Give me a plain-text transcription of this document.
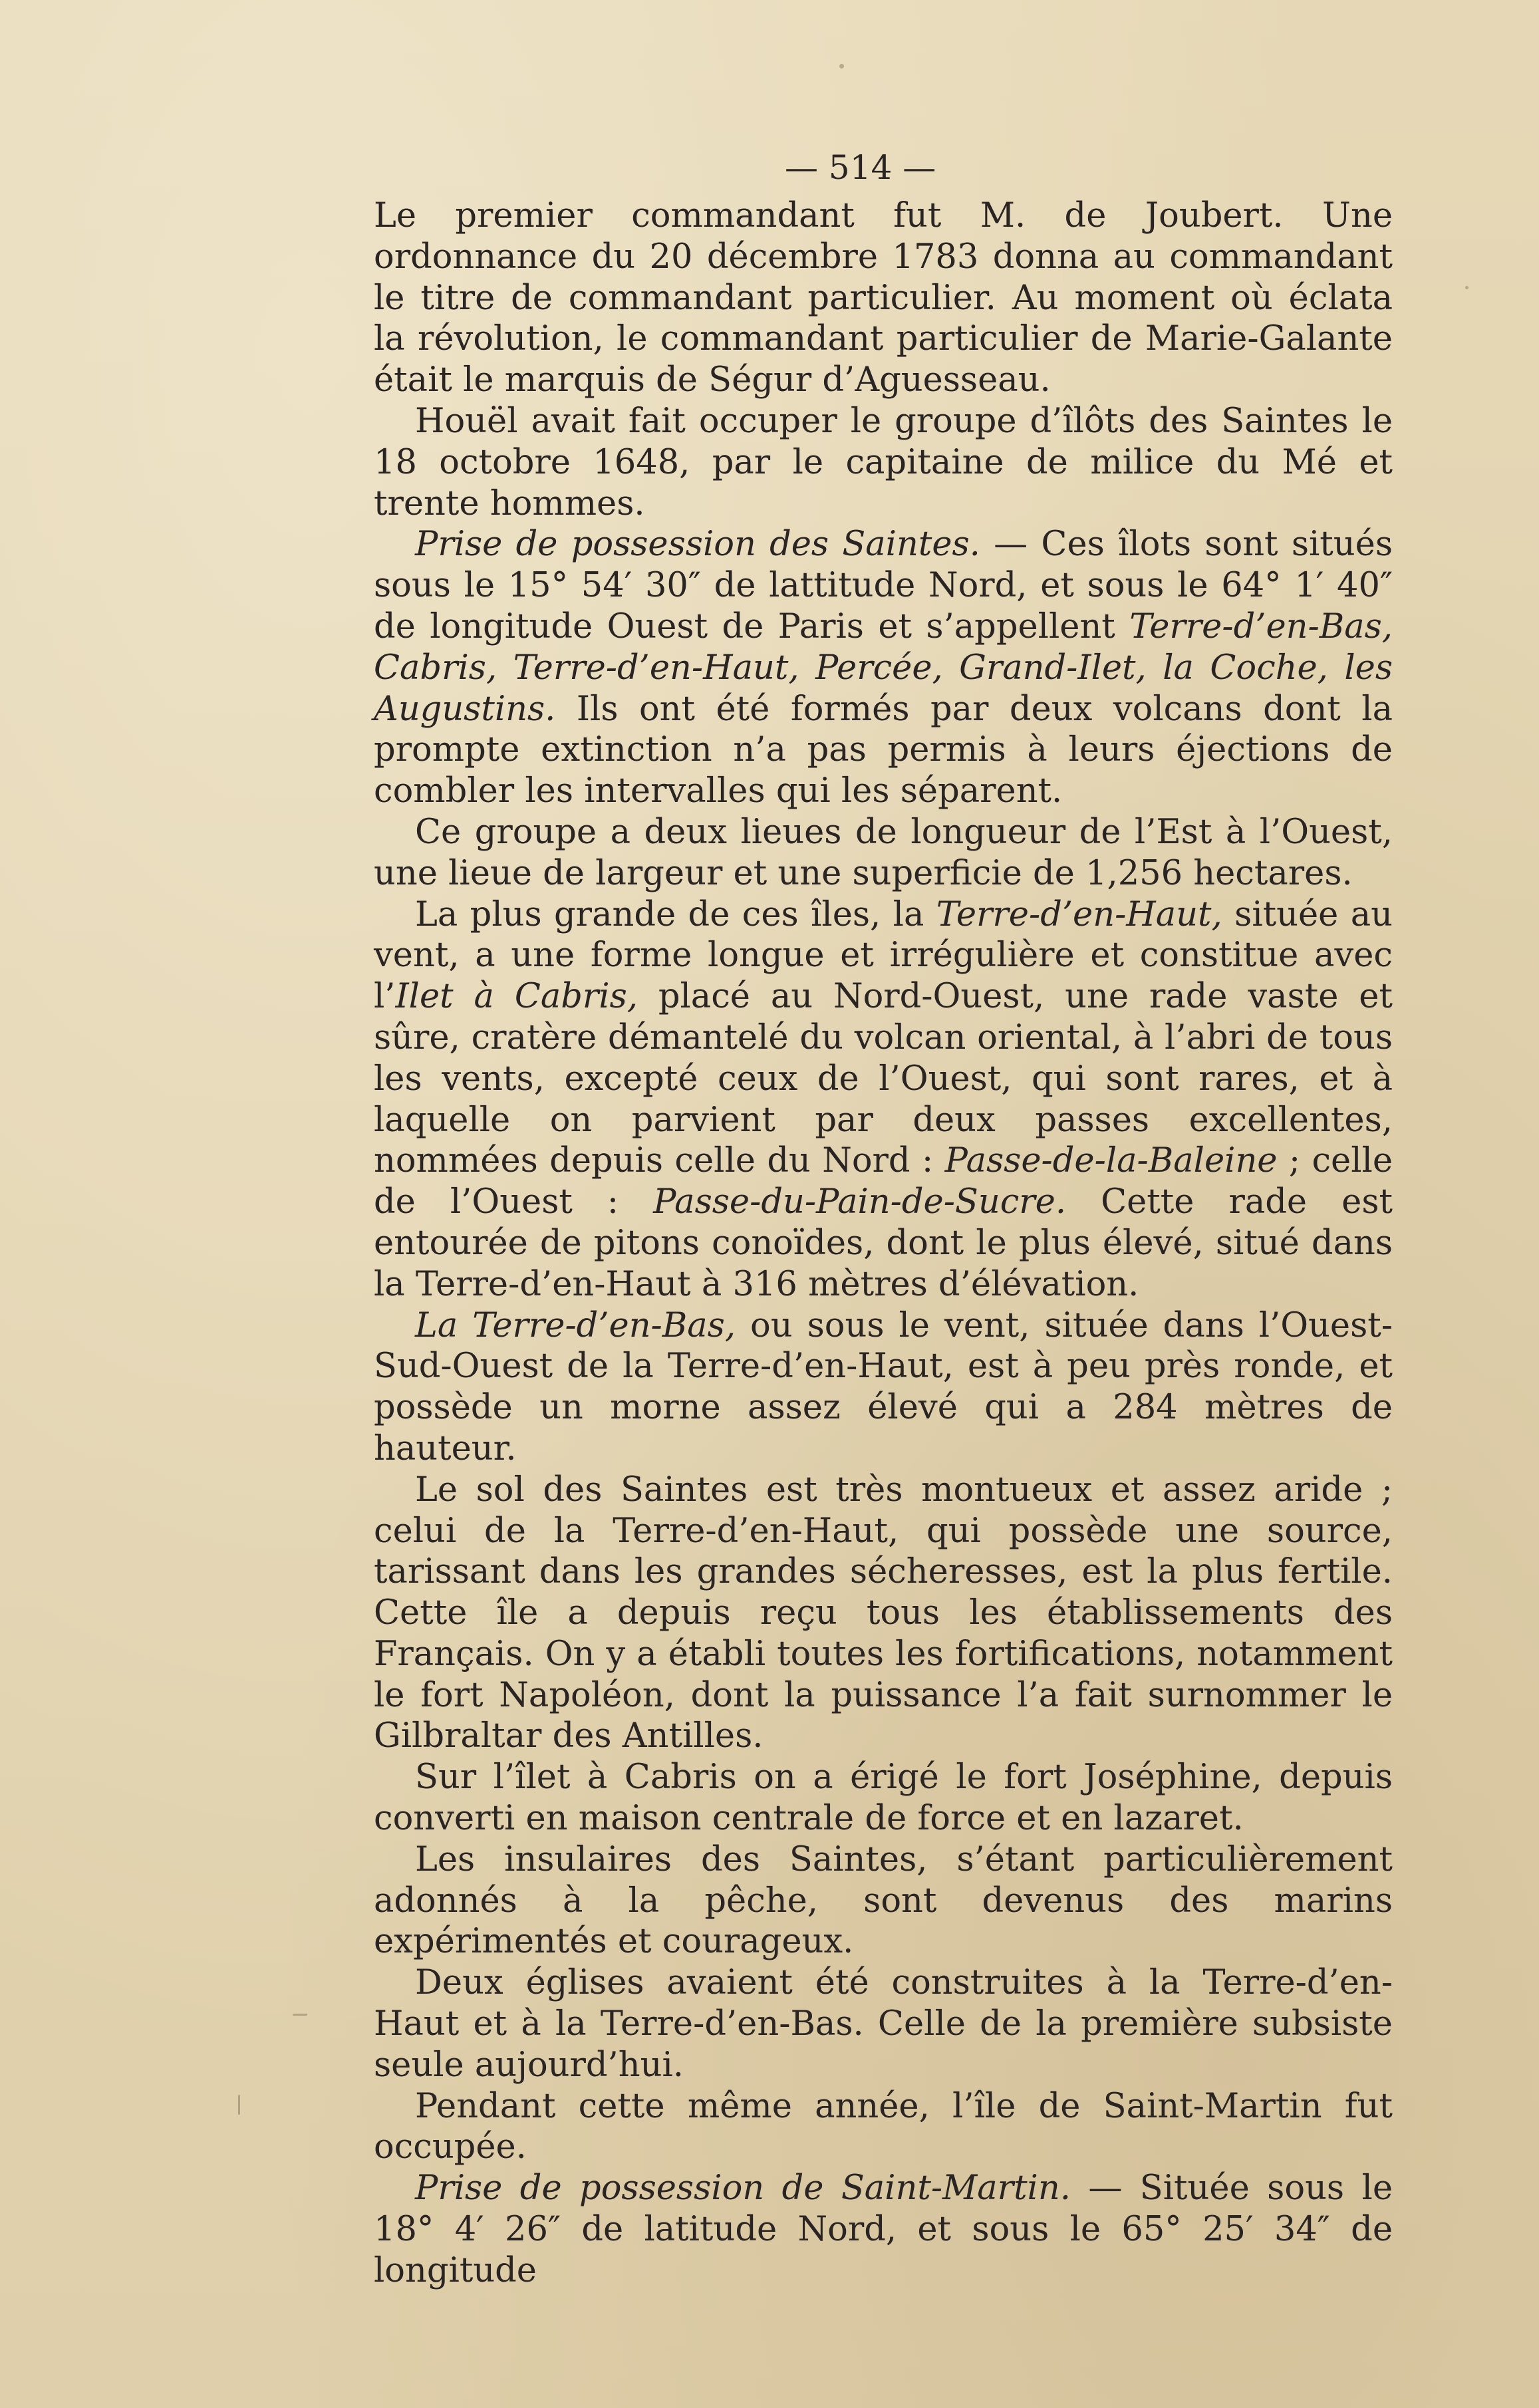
— 514 —

Le premier commandant fut M. de Joubert. Une ordonnance du 20 décembre 1783 donna au commandant le titre de commandant particulier. Au moment où éclata la révolution, le commandant particulier de Marie-Galante était le marquis de Ségur d’Aguesseau.

Houël avait fait occuper le groupe d’îlôts des Saintes le 18 octobre 1648, par le capitaine de milice du Mé et trente hommes.

Prise de possession des Saintes. — Ces îlots sont situés sous le 15° 54′ 30″ de lattitude Nord, et sous le 64° 1′ 40″ de longitude Ouest de Paris et s’appellent Terre-d’en-Bas, Cabris, Terre-d’en-Haut, Percée, Grand-Ilet, la Coche, les Augustins. Ils ont été formés par deux volcans dont la prompte extinction n’a pas permis à leurs éjections de combler les intervalles qui les séparent.

Ce groupe a deux lieues de longueur de l’Est à l’Ouest, une lieue de largeur et une superficie de 1,256 hectares.

La plus grande de ces îles, la Terre-d’en-Haut, située au vent, a une forme longue et irrégulière et constitue avec l’Ilet à Cabris, placé au Nord-Ouest, une rade vaste et sûre, cratère démantelé du volcan oriental, à l’abri de tous les vents, excepté ceux de l’Ouest, qui sont rares, et à laquelle on parvient par deux passes excellentes, nommées depuis celle du Nord : Passe-de-la-Baleine ; celle de l’Ouest : Passe-du-Pain-de-Sucre. Cette rade est entourée de pitons conoïdes, dont le plus élevé, situé dans la Terre-d’en-Haut à 316 mètres d’élévation.

La Terre-d’en-Bas, ou sous le vent, située dans l’Ouest-Sud-Ouest de la Terre-d’en-Haut, est à peu près ronde, et possède un morne assez élevé qui a 284 mètres de hauteur.

Le sol des Saintes est très montueux et assez aride ; celui de la Terre-d’en-Haut, qui possède une source, tarissant dans les grandes sécheresses, est la plus fertile. Cette île a depuis reçu tous les établissements des Français. On y a établi toutes les fortifications, notamment le fort Napoléon, dont la puissance l’a fait surnommer le Gilbraltar des Antilles.

Sur l’îlet à Cabris on a érigé le fort Joséphine, depuis converti en maison centrale de force et en lazaret.

Les insulaires des Saintes, s’étant particulièrement adonnés à la pêche, sont devenus des marins expérimentés et courageux.

Deux églises avaient été construites à la Terre-d’en-Haut et à la Terre-d’en-Bas. Celle de la première subsiste seule aujourd’hui.

Pendant cette même année, l’île de Saint-Martin fut occupée.

Prise de possession de Saint-Martin. — Située sous le 18° 4′ 26″ de latitude Nord, et sous le 65° 25′ 34″ de longitude
